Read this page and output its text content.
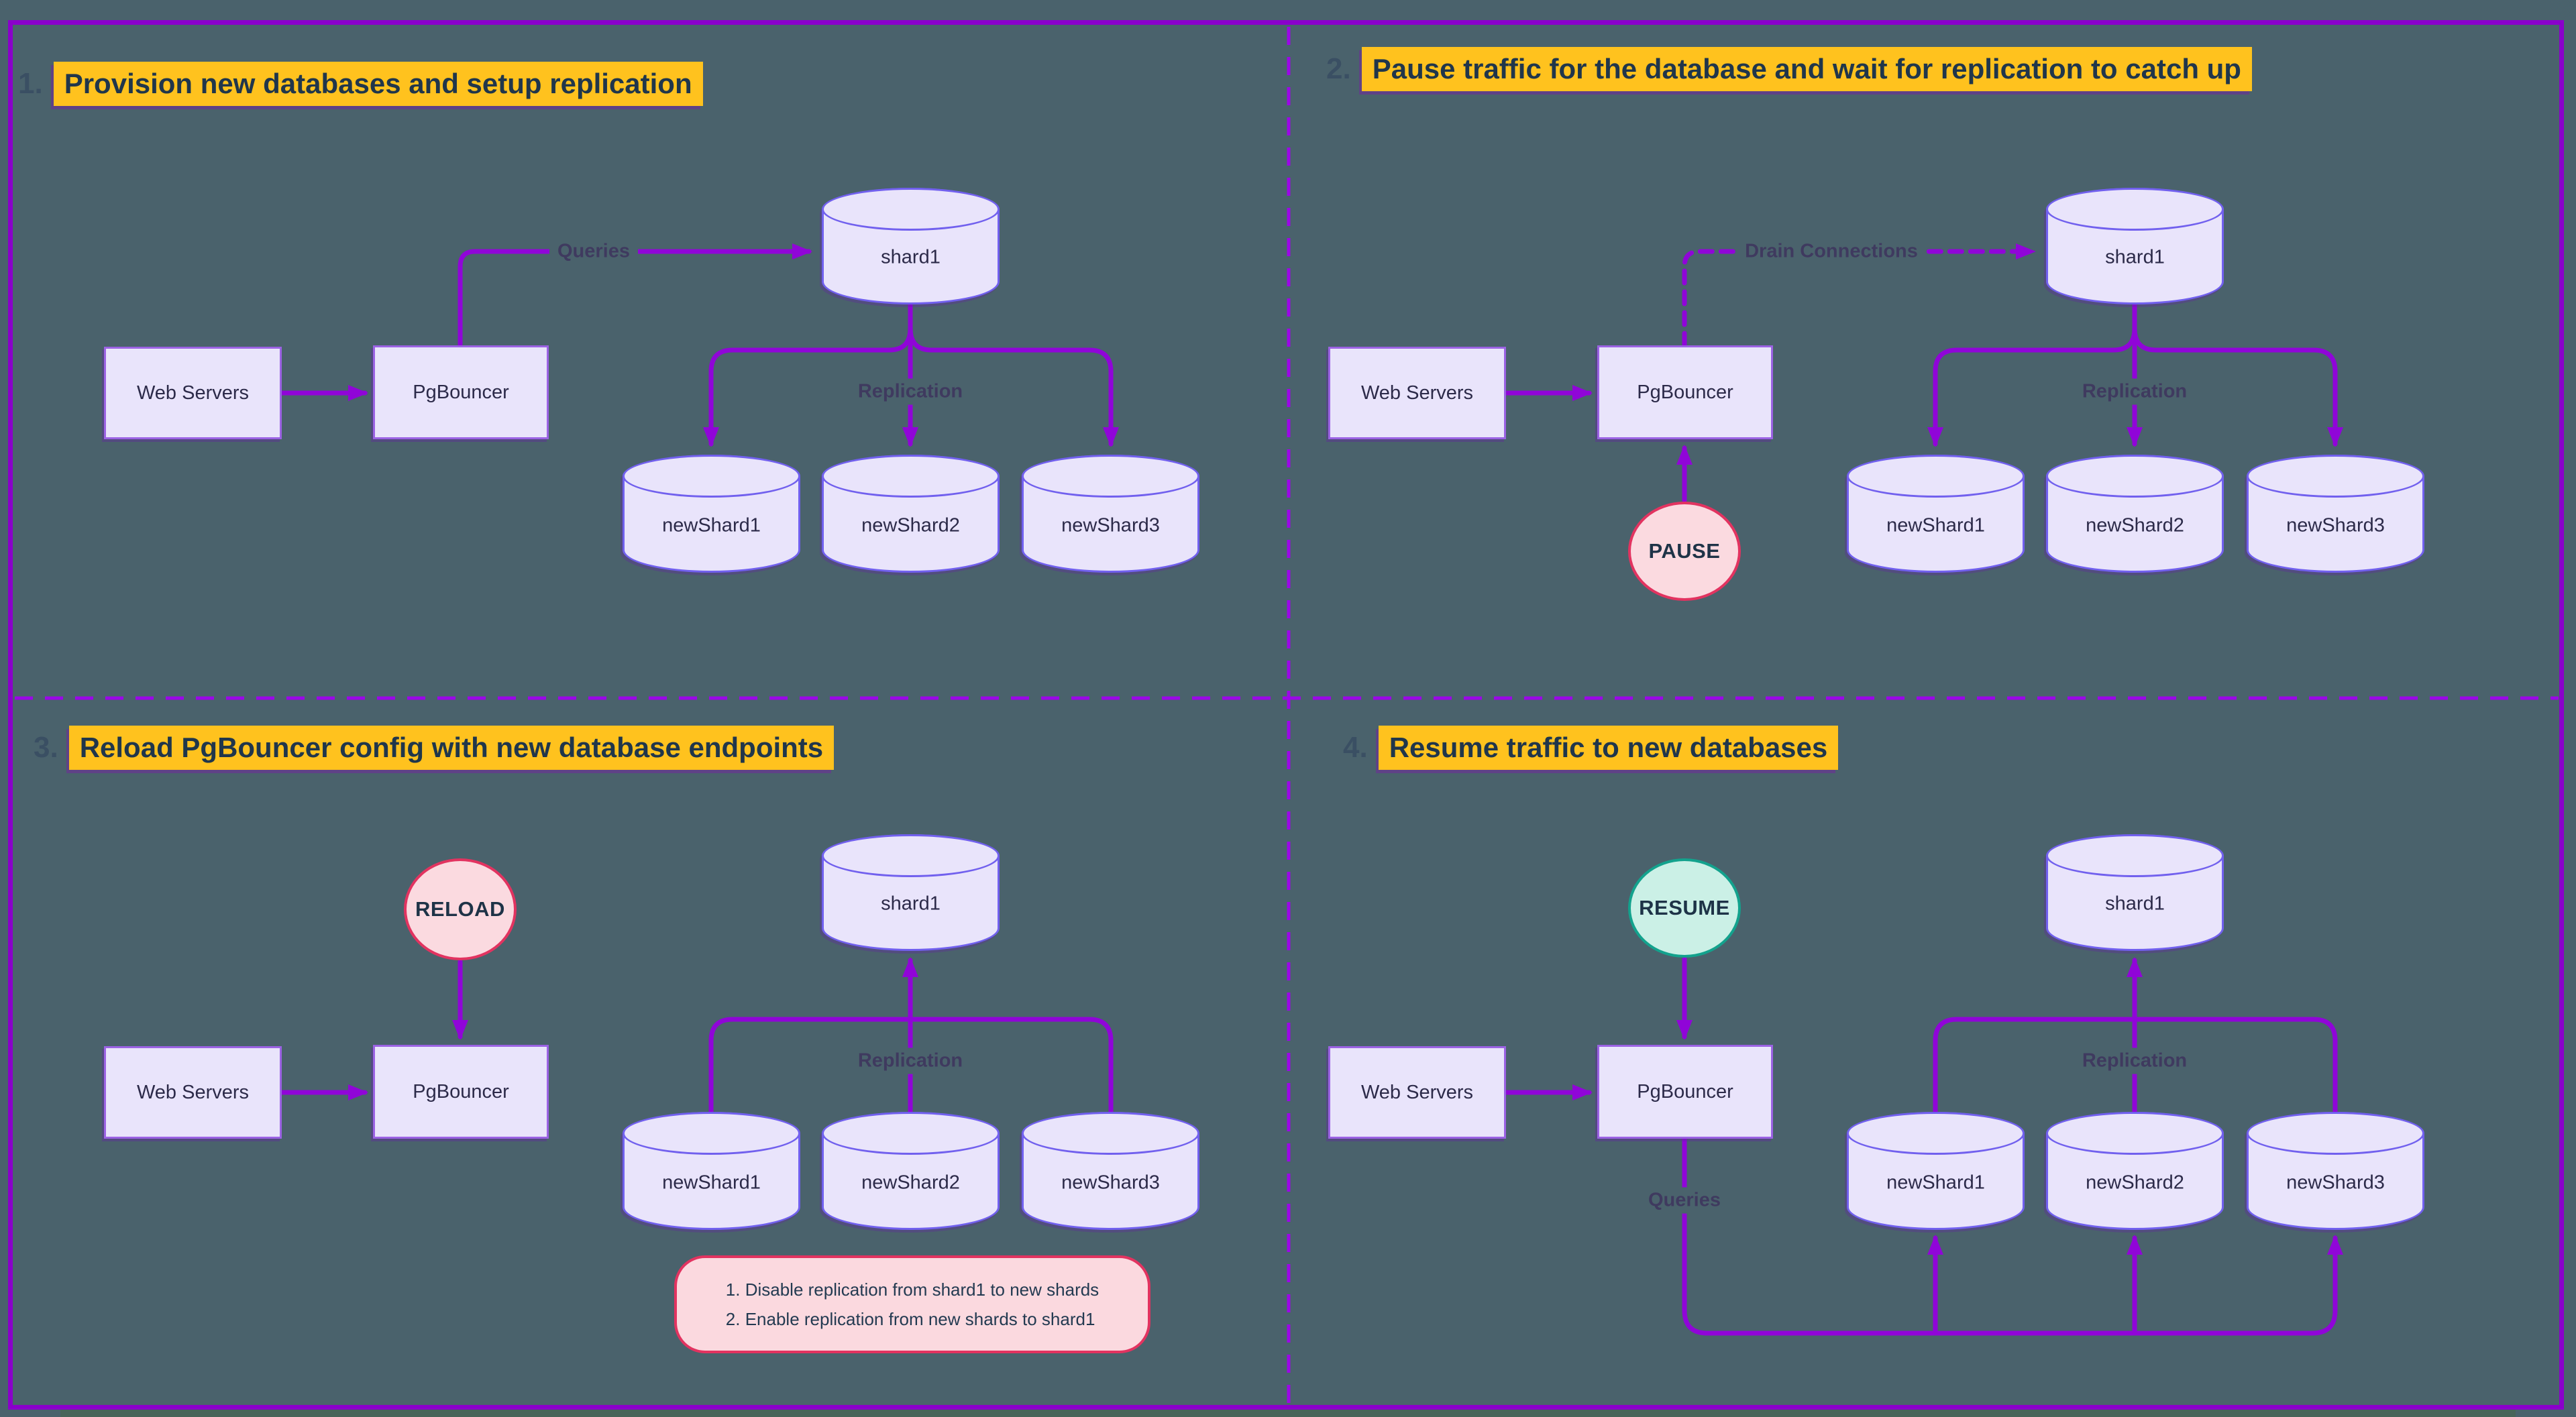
1. Provision new databases and setup replication
Web Servers	PgBouncer
shard1
newShard1	newShard2	newShard3
Queries
Replication
2. Pause traffic for the database and wait for replication to catch up
Web Servers	PgBouncer
shard1
newShard1	newShard2	newShard3
PAUSE
Drain Connections
Replication
3. Reload PgBouncer config with new database endpoints
Web Servers	PgBouncer
shard1
newShard1	newShard2	newShard3
RELOAD
Replication
1. Disable replication from shard1 to new shards
2. Enable replication from new shards to shard1
4. Resume traffic to new databases
Web Servers	PgBouncer
shard1
newShard1	newShard2	newShard3
RESUME
Replication
Queries
